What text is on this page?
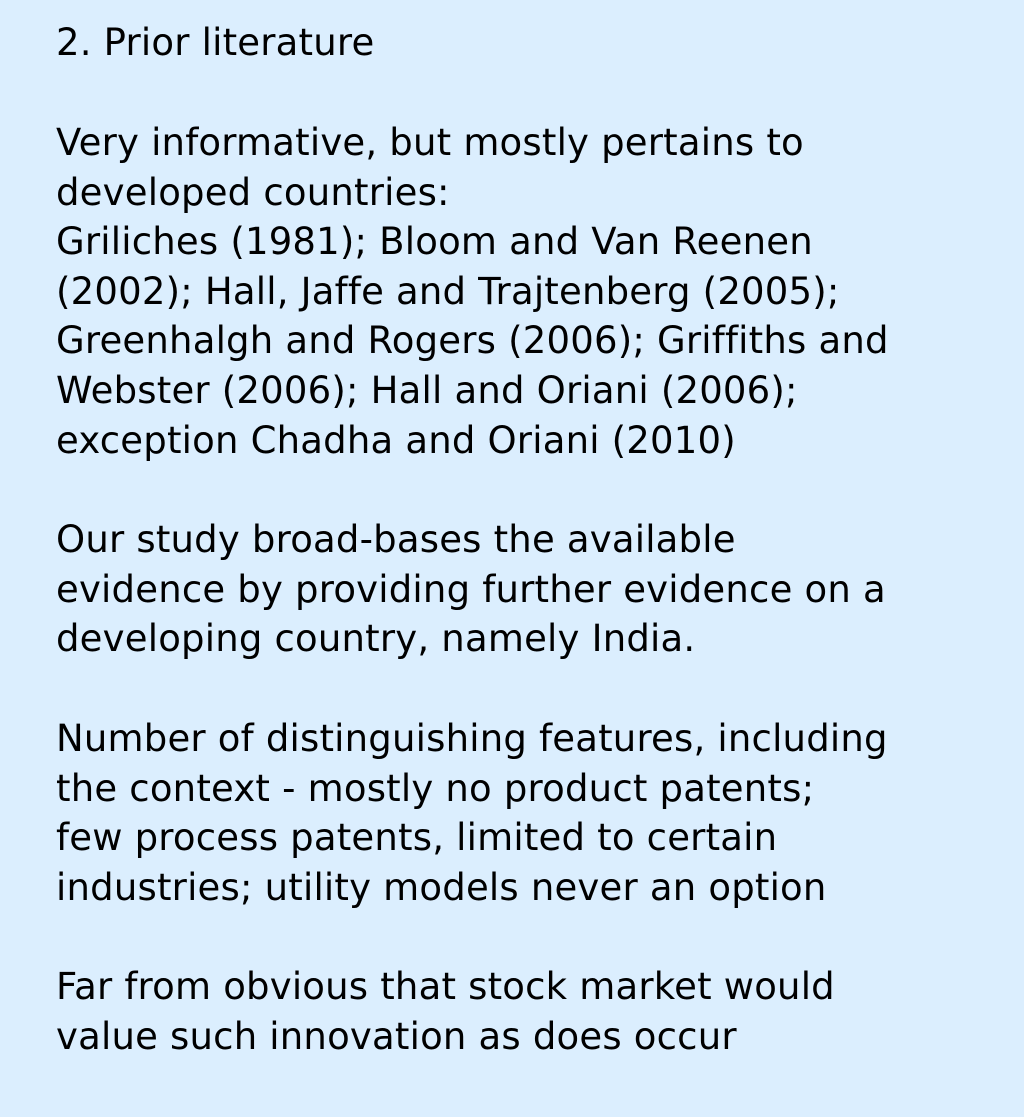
2. Prior literature
Very informative, but mostly pertains to
developed countries:
Griliches (1981); Bloom and Van Reenen
(2002); Hall, Jaffe and Trajtenberg (2005);
Greenhalgh and Rogers (2006); Griffiths and
Webster (2006); Hall and Oriani (2006);
exception Chadha and Oriani (2010)
Our study broad-bases the available
evidence by providing further evidence on a
developing country, namely India.
Number of distinguishing features, including
the context - mostly no product patents;
few process patents, limited to certain
industries; utility models never an option
Far from obvious that stock market would
value such innovation as does occur
